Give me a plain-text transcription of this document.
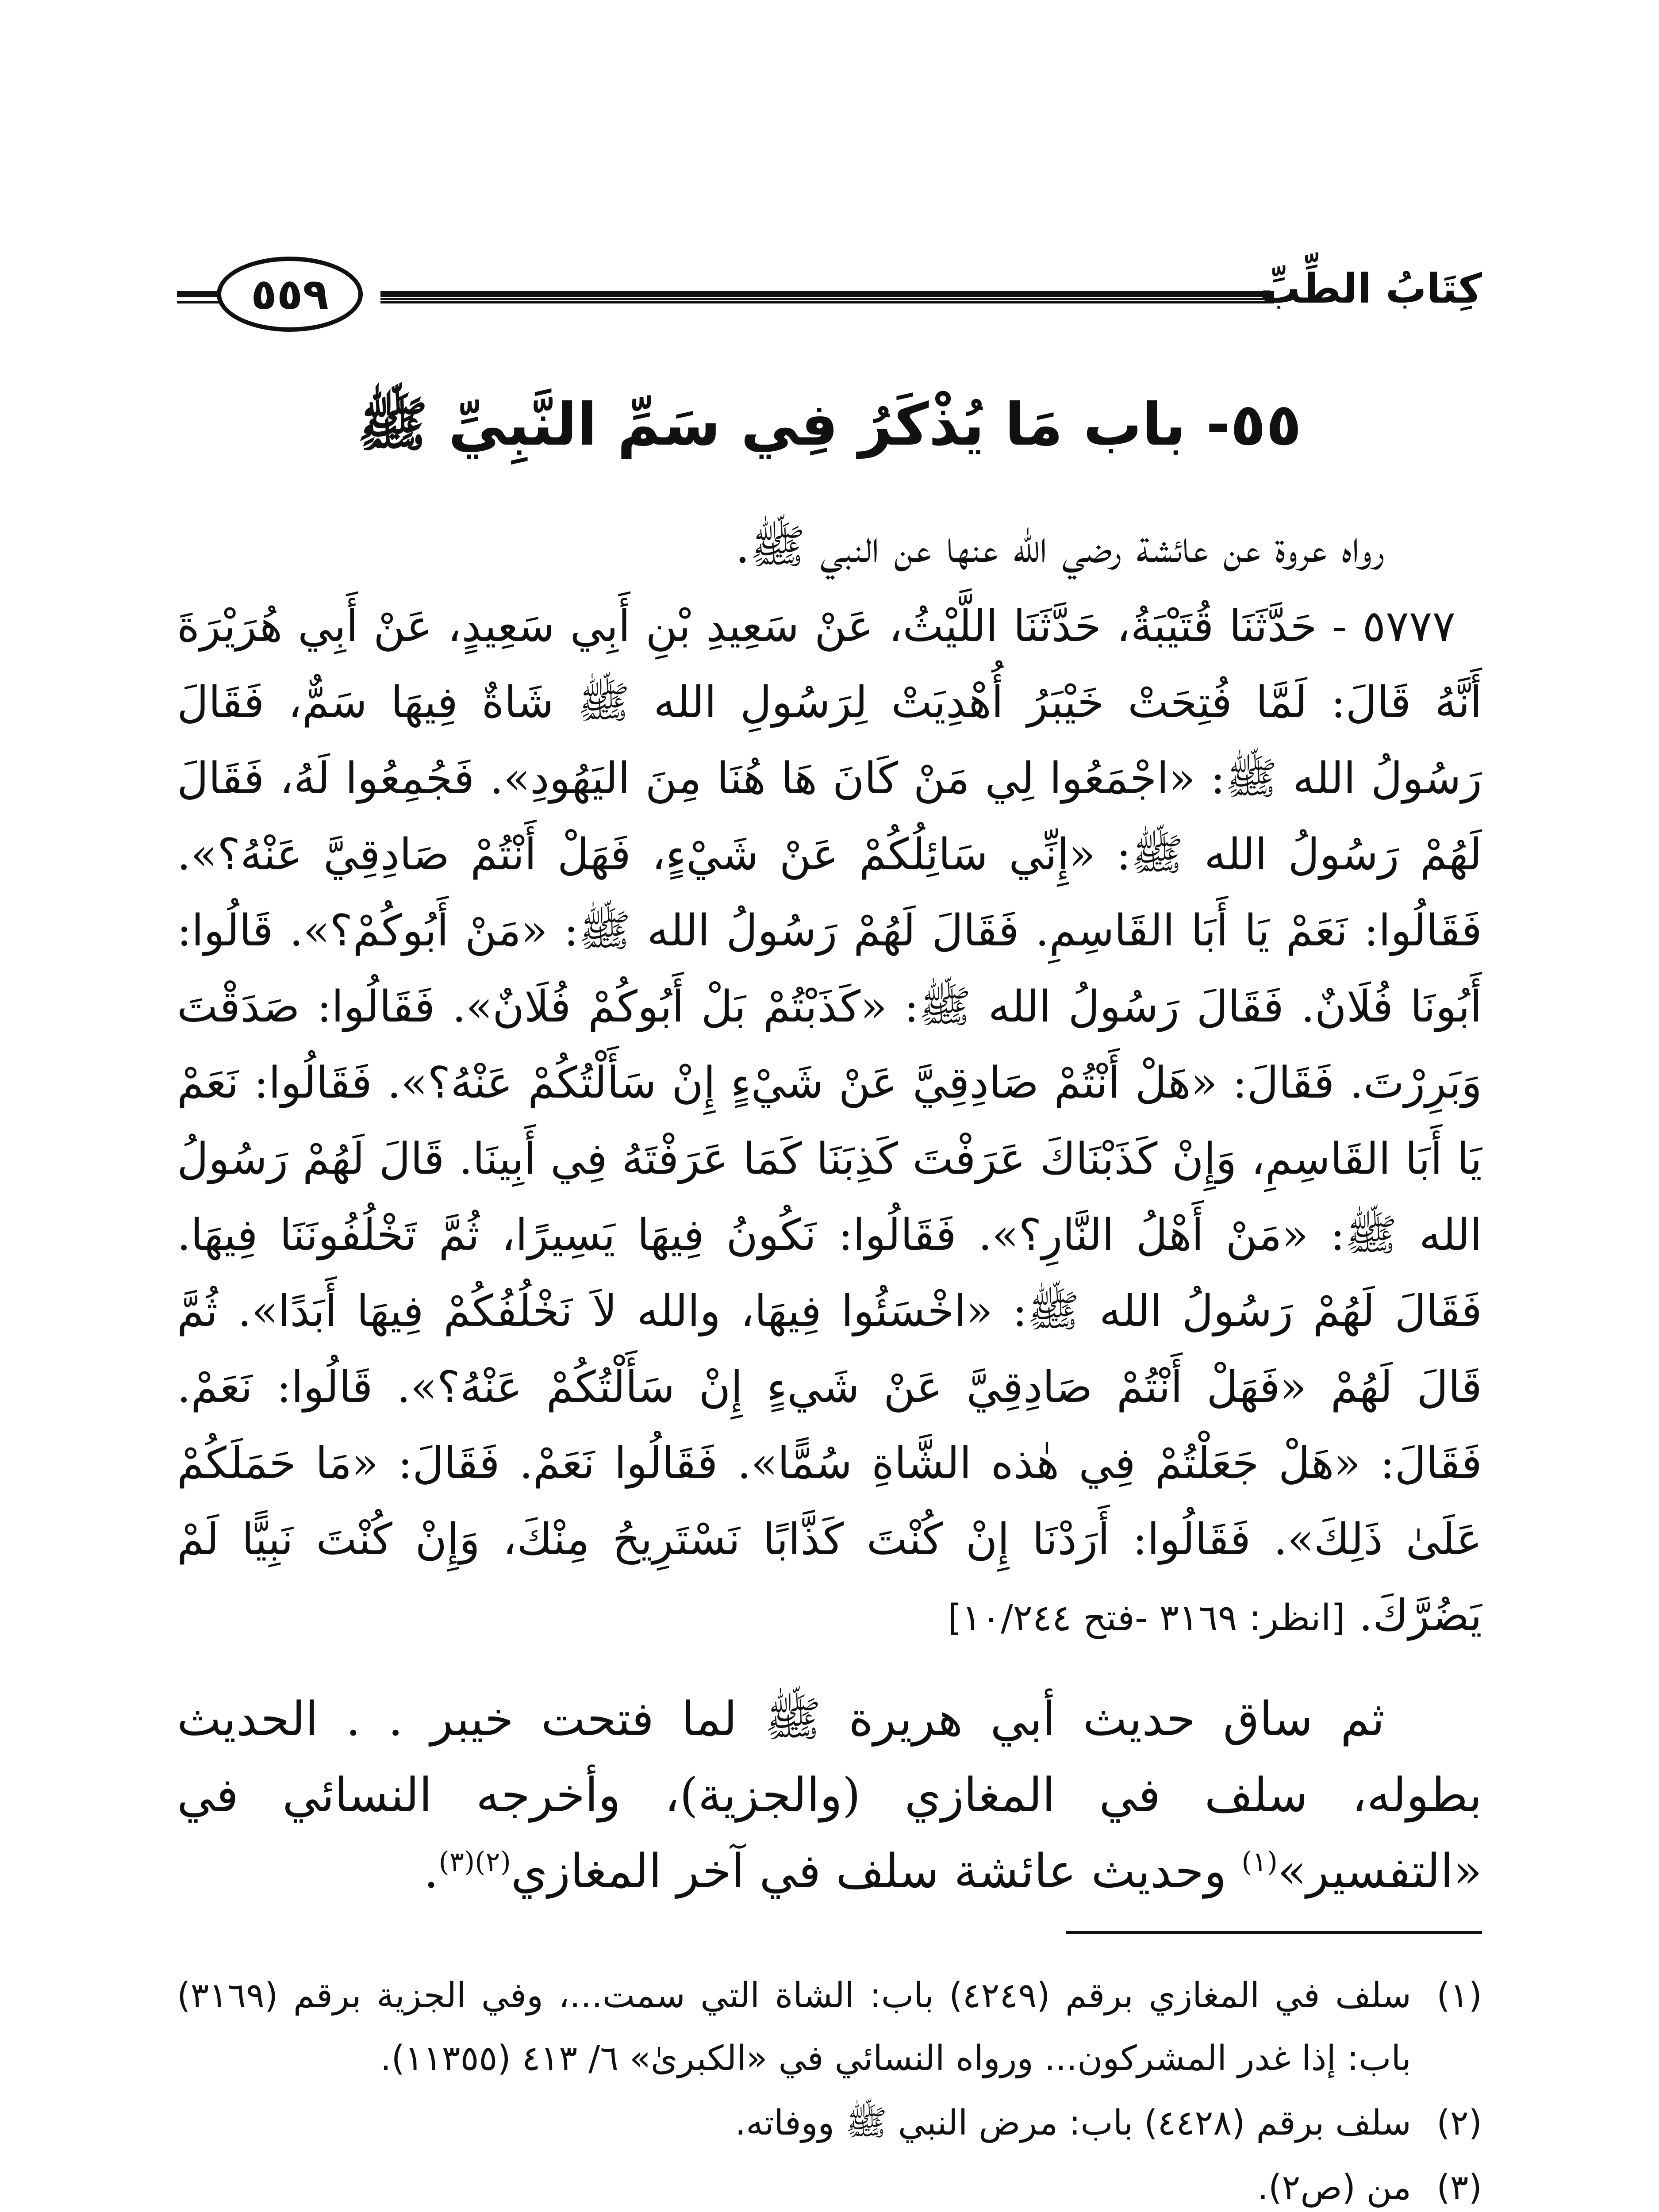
كِتَابُ الطِّبِّ
٥٥٩
٥٥- باب مَا يُذْكَرُ فِي سَمِّ النَّبِيِّ ﷺ

رواه عروة عن عائشة رضي الله عنها عن النبي ﷺ.

٥٧٧٧ - حَدَّثَنَا قُتَيْبَةُ، حَدَّثَنَا اللَّيْثُ، عَنْ سَعِيدِ بْنِ أَبِي سَعِيدٍ، عَنْ أَبِي هُرَيْرَةَ أَنَّهُ قَالَ: لَمَّا فُتِحَتْ خَيْبَرُ أُهْدِيَتْ لِرَسُولِ الله ﷺ شَاةٌ فِيهَا سَمٌّ، فَقَالَ رَسُولُ الله ﷺ: «اجْمَعُوا لِي مَنْ كَانَ هَا هُنَا مِنَ اليَهُودِ». فَجُمِعُوا لَهُ، فَقَالَ لَهُمْ رَسُولُ الله ﷺ: «إِنِّي سَائِلُكُمْ عَنْ شَيْءٍ، فَهَلْ أَنْتُمْ صَادِقِيَّ عَنْهُ؟». فَقَالُوا: نَعَمْ يَا أَبَا القَاسِمِ. فَقَالَ لَهُمْ رَسُولُ الله ﷺ: «مَنْ أَبُوكُمْ؟». قَالُوا: أَبُونَا فُلَانٌ. فَقَالَ رَسُولُ الله ﷺ: «كَذَبْتُمْ بَلْ أَبُوكُمْ فُلَانٌ». فَقَالُوا: صَدَقْتَ وَبَرِرْتَ. فَقَالَ: «هَلْ أَنْتُمْ صَادِقِيَّ عَنْ شَيْءٍ إِنْ سَأَلْتُكُمْ عَنْهُ؟». فَقَالُوا: نَعَمْ يَا أَبَا القَاسِمِ، وَإِنْ كَذَبْنَاكَ عَرَفْتَ كَذِبَنَا كَمَا عَرَفْتَهُ فِي أَبِينَا. قَالَ لَهُمْ رَسُولُ الله ﷺ: «مَنْ أَهْلُ النَّارِ؟». فَقَالُوا: نَكُونُ فِيهَا يَسِيرًا، ثُمَّ تَخْلُفُونَنَا فِيهَا. فَقَالَ لَهُمْ رَسُولُ الله ﷺ: «اخْسَئُوا فِيهَا، والله لاَ نَخْلُفُكُمْ فِيهَا أَبَدًا». ثُمَّ قَالَ لَهُمْ «فَهَلْ أَنْتُمْ صَادِقِيَّ عَنْ شَيءٍ إِنْ سَأَلْتُكُمْ عَنْهُ؟». قَالُوا: نَعَمْ. فَقَالَ: «هَلْ جَعَلْتُمْ فِي هٰذه الشَّاةِ سُمًّا». فَقَالُوا نَعَمْ. فَقَالَ: «مَا حَمَلَكُمْ عَلَىٰ ذَلِكَ». فَقَالُوا: أَرَدْنَا إِنْ كُنْتَ كَذَّابًا نَسْتَرِيحُ مِنْكَ، وَإِنْ كُنْتَ نَبِيًّا لَمْ يَضُرَّكَ. [انظر: ٣١٦٩ -فتح ١٠/٢٤٤]

ثم ساق حديث أبي هريرة ﷺ لما فتحت خيبر . . الحديث بطوله، سلف في المغازي (والجزية)، وأخرجه النسائي في «التفسير»$^{(١)}$ وحديث عائشة سلف في آخر المغازي$^{(٢)(٣)}$.

(١)
سلف في المغازي برقم (٤٢٤٩) باب: الشاة التي سمت...، وفي الجزية برقم (٣١٦٩) باب: إذا غدر المشركون... ورواه النسائي في «الكبرىٰ» ٦/ ٤١٣ (١١٣٥٥).
(٢)
سلف برقم (٤٤٢٨) باب: مرض النبي ﷺ ووفاته.
(٣)
من (ص٢).
